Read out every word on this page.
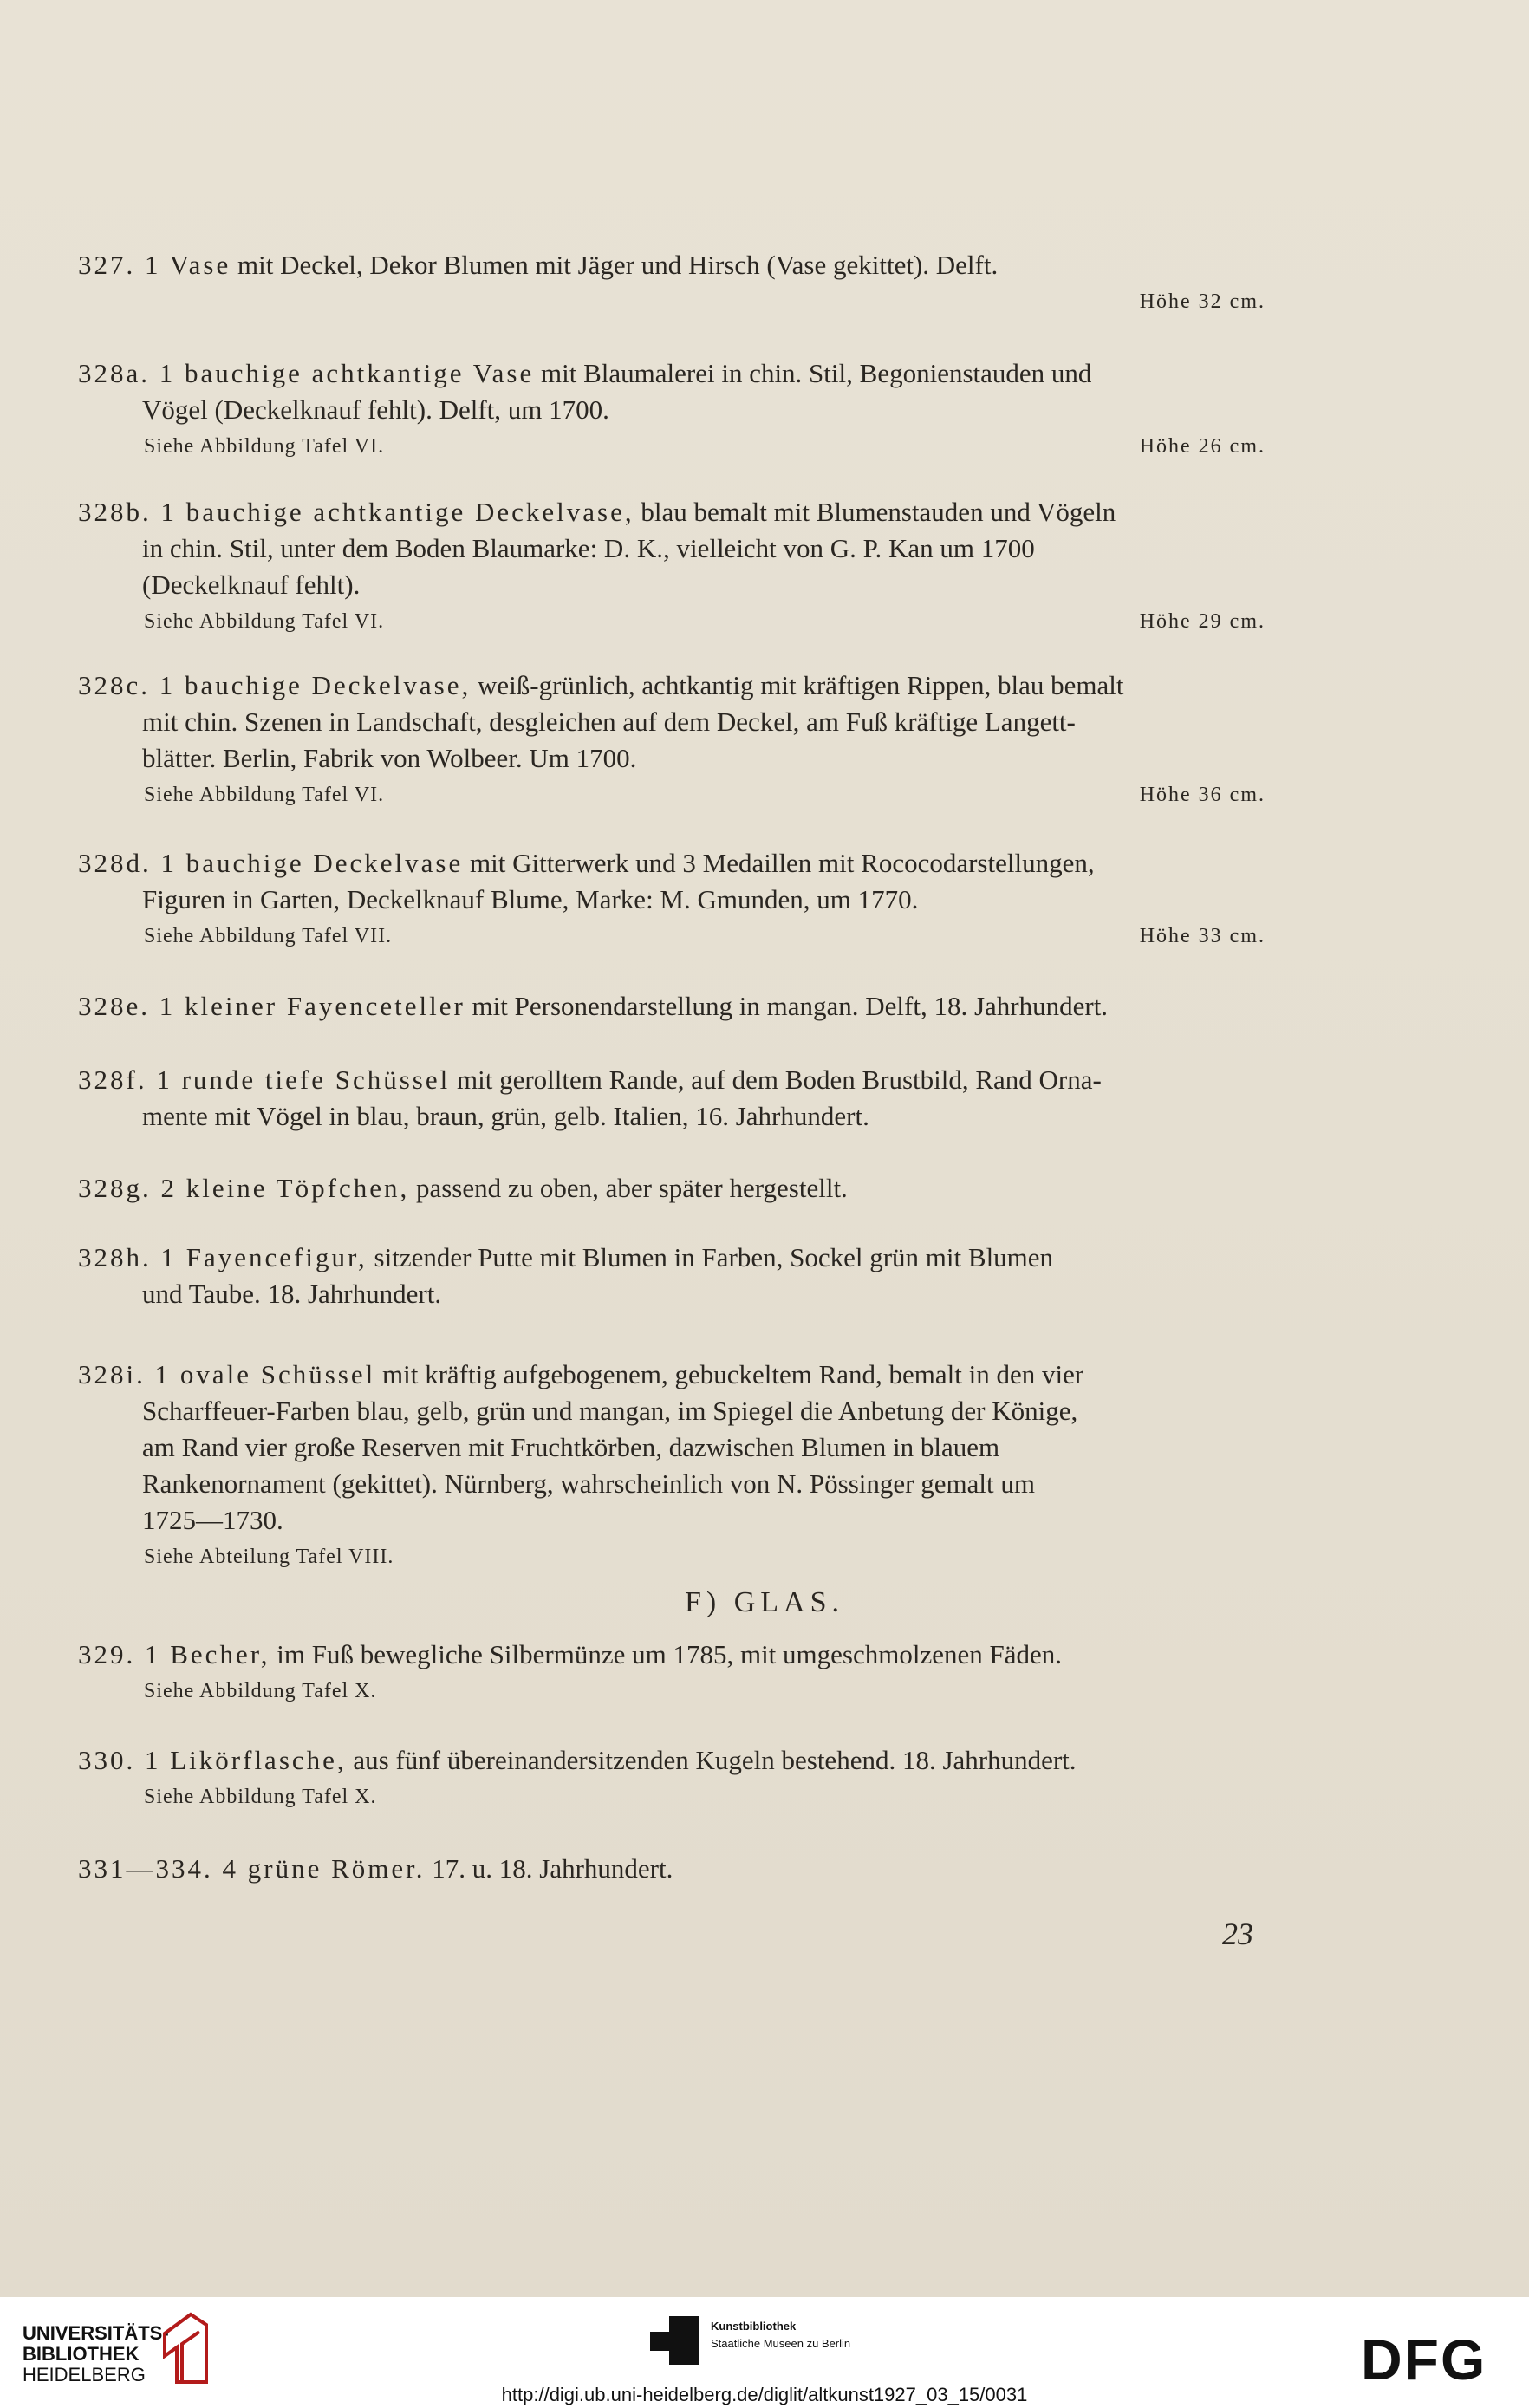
327. 1 Vase mit Deckel, Dekor Blumen mit Jäger und Hirsch (Vase gekittet). Delft.
Höhe 32 cm.
328a. 1 bauchige achtkantige Vase mit Blaumalerei in chin. Stil, Begonienstauden und
Vögel (Deckelknauf fehlt). Delft, um 1700.
Siehe Abbildung Tafel VI.	Höhe 26 cm.
328b. 1 bauchige achtkantige Deckelvase, blau bemalt mit Blumenstauden und Vögeln
in chin. Stil, unter dem Boden Blaumarke: D. K., vielleicht von G. P. Kan um 1700
(Deckelknauf fehlt).
Siehe Abbildung Tafel VI.	Höhe 29 cm.
328c. 1 bauchige Deckelvase, weiß-grünlich, achtkantig mit kräftigen Rippen, blau bemalt
mit chin. Szenen in Landschaft, desgleichen auf dem Deckel, am Fuß kräftige Langett-
blätter. Berlin, Fabrik von Wolbeer. Um 1700.
Siehe Abbildung Tafel VI.	Höhe 36 cm.
328d. 1 bauchige Deckelvase mit Gitterwerk und 3 Medaillen mit Rococodarstellungen,
Figuren in Garten, Deckelknauf Blume, Marke: M. Gmunden, um 1770.
Siehe Abbildung Tafel VII.	Höhe 33 cm.
328e. 1 kleiner Fayenceteller mit Personendarstellung in mangan. Delft, 18. Jahrhundert.
328f. 1 runde tiefe Schüssel mit gerolltem Rande, auf dem Boden Brustbild, Rand Orna-
mente mit Vögel in blau, braun, grün, gelb. Italien, 16. Jahrhundert.
328g. 2 kleine Töpfchen, passend zu oben, aber später hergestellt.
328h. 1 Fayencefigur, sitzender Putte mit Blumen in Farben, Sockel grün mit Blumen
und Taube. 18. Jahrhundert.
328i. 1 ovale Schüssel mit kräftig aufgebogenem, gebuckeltem Rand, bemalt in den vier
Scharffeuer-Farben blau, gelb, grün und mangan, im Spiegel die Anbetung der Könige,
am Rand vier große Reserven mit Fruchtkörben, dazwischen Blumen in blauem
Rankenornament (gekittet). Nürnberg, wahrscheinlich von N. Pössinger gemalt um
1725—1730.
Siehe Abteilung Tafel VIII.
329. 1 Becher, im Fuß bewegliche Silbermünze um 1785, mit umgeschmolzenen Fäden.
Siehe Abbildung Tafel X.
330. 1 Likörflasche, aus fünf übereinandersitzenden Kugeln bestehend. 18. Jahrhundert.
Siehe Abbildung Tafel X.
331—334. 4 grüne Römer. 17. u. 18. Jahrhundert.
F) GLAS.
23
UNIVERSITÄTS-
BIBLIOTHEK
HEIDELBERG
Kunstbibliothek
Staatliche Museen zu Berlin	DFG
http://digi.ub.uni-heidelberg.de/diglit/altkunst1927_03_15/0031
